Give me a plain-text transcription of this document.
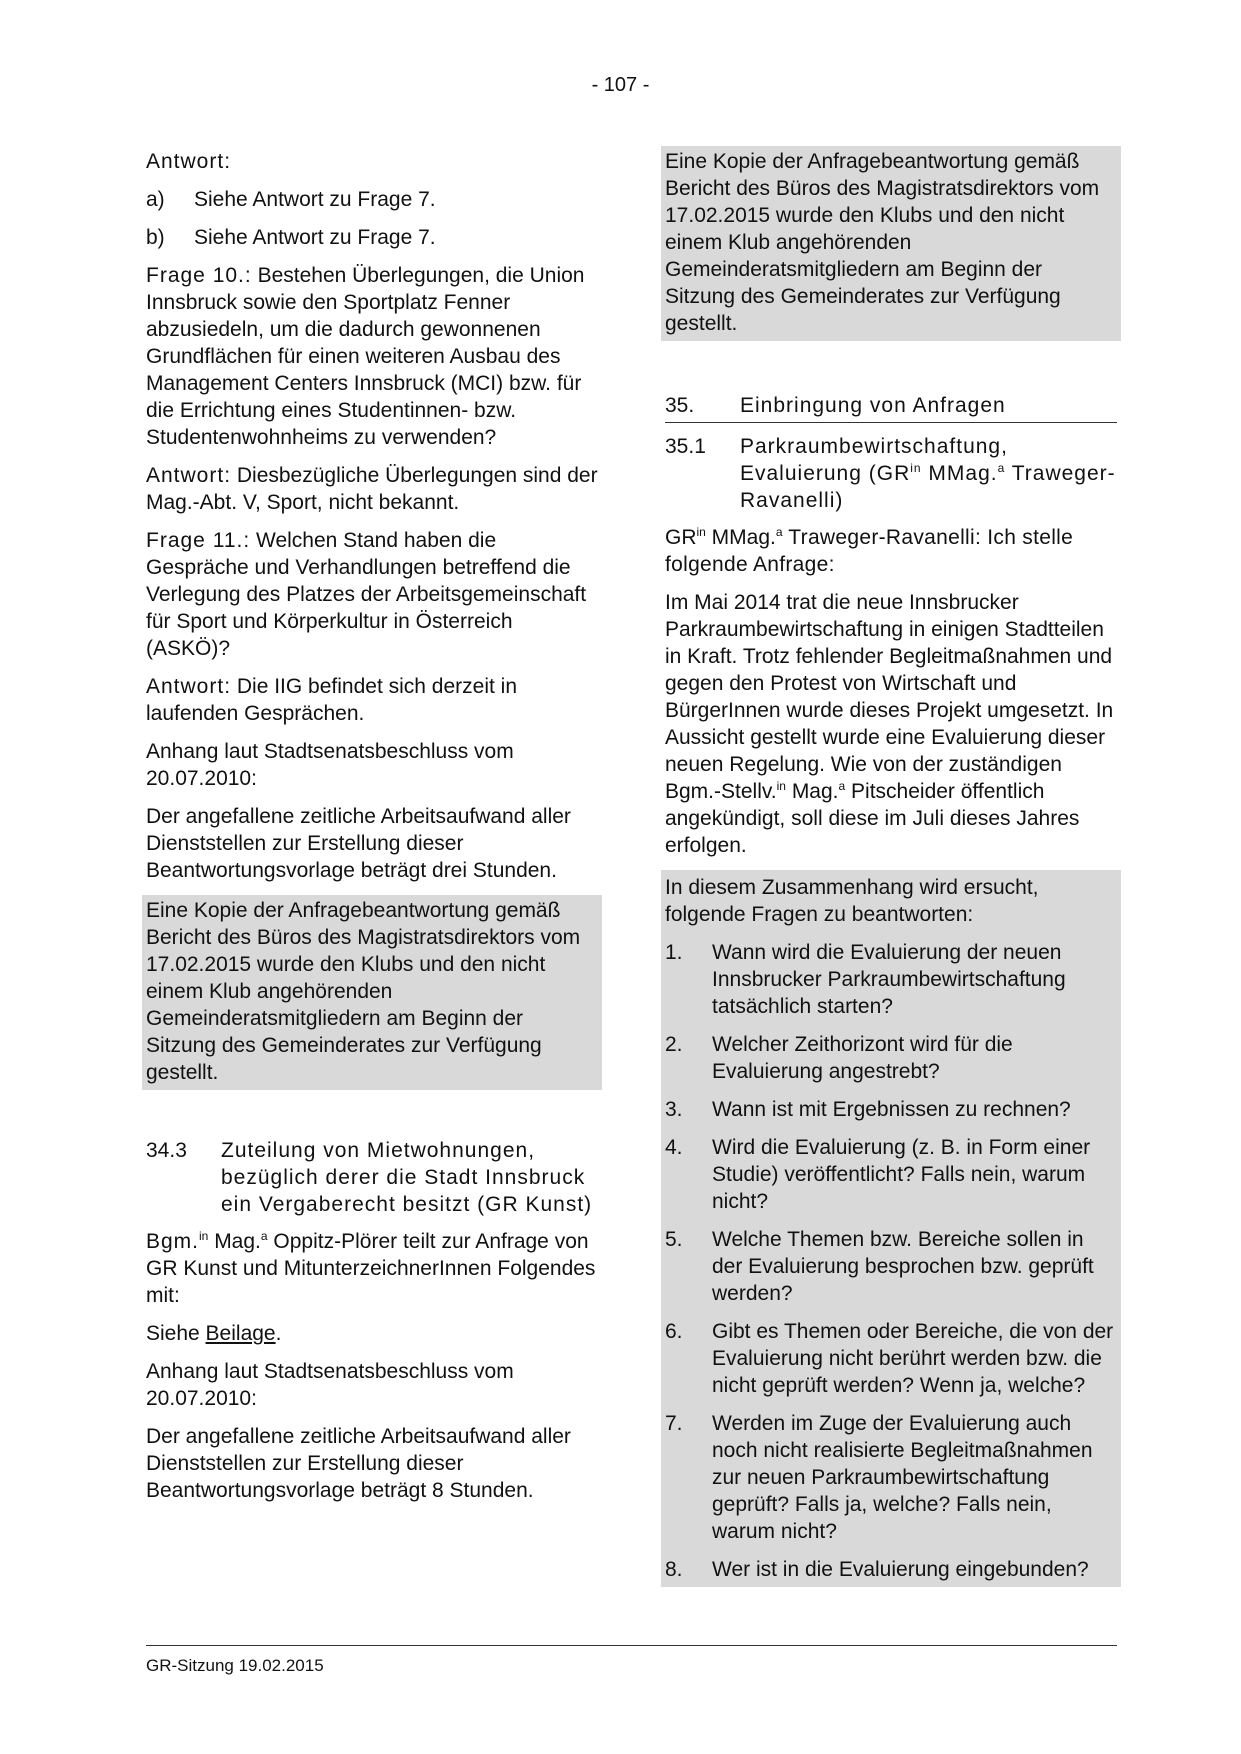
- 107 -

Antwort:

a)	Siehe Antwort zu Frage 7.
b)	Siehe Antwort zu Frage 7.

Frage 10.: Bestehen Überlegungen, die Union Innsbruck sowie den Sportplatz Fenner abzusiedeln, um die dadurch gewonnenen Grundflächen für einen weiteren Ausbau des Management Centers Innsbruck (MCI) bzw. für die Errichtung eines Studentinnen- bzw. Studentenwohnheims zu verwenden?

Antwort: Diesbezügliche Überlegungen sind der Mag.-Abt. V, Sport, nicht bekannt.

Frage 11.: Welchen Stand haben die Gespräche und Verhandlungen betreffend die Verlegung des Platzes der Arbeitsgemeinschaft für Sport und Körperkultur in Österreich (ASKÖ)?

Antwort: Die IIG befindet sich derzeit in laufenden Gesprächen.

Anhang laut Stadtsenatsbeschluss vom 20.07.2010:

Der angefallene zeitliche Arbeitsaufwand aller Dienststellen zur Erstellung dieser Beantwortungsvorlage beträgt drei Stunden.

Eine Kopie der Anfragebeantwortung gemäß Bericht des Büros des Magistratsdirektors vom 17.02.2015 wurde den Klubs und den nicht einem Klub angehörenden Gemeinderatsmitgliedern am Beginn der Sitzung des Gemeinderates zur Verfügung gestellt.

34.3	Zuteilung von Mietwohnungen, bezüglich derer die Stadt Innsbruck ein Vergaberecht besitzt (GR Kunst)

Bgm.$^{in}$ Mag.$^a$ Oppitz-Plörer teilt zur Anfrage von GR Kunst und MitunterzeichnerInnen Folgendes mit:

Siehe Beilage.

Anhang laut Stadtsenatsbeschluss vom 20.07.2010:

Der angefallene zeitliche Arbeitsaufwand aller Dienststellen zur Erstellung dieser Beantwortungsvorlage beträgt 8 Stunden.

Eine Kopie der Anfragebeantwortung gemäß Bericht des Büros des Magistratsdirektors vom 17.02.2015 wurde den Klubs und den nicht einem Klub angehörenden Gemeinderatsmitgliedern am Beginn der Sitzung des Gemeinderates zur Verfügung gestellt.

35.	Einbringung von Anfragen
35.1	Parkraumbewirtschaftung, Evaluierung ($GR^{in}$ MMag.$^a$ Traweger-Ravanelli)

$GR^{in}$ MMag.$^a$ Traweger-Ravanelli: Ich stelle folgende Anfrage:

Im Mai 2014 trat die neue Innsbrucker Parkraumbewirtschaftung in einigen Stadtteilen in Kraft. Trotz fehlender Begleitmaßnahmen und gegen den Protest von Wirtschaft und BürgerInnen wurde dieses Projekt umgesetzt. In Aussicht gestellt wurde eine Evaluierung dieser neuen Regelung. Wie von der zuständigen Bgm.-Stellv.$^{in}$ Mag.$^a$ Pitscheider öffentlich angekündigt, soll diese im Juli dieses Jahres erfolgen.

In diesem Zusammenhang wird ersucht, folgende Fragen zu beantworten:

1.	Wann wird die Evaluierung der neuen Innsbrucker Parkraumbewirtschaftung tatsächlich starten?
2.	Welcher Zeithorizont wird für die Evaluierung angestrebt?
3.	Wann ist mit Ergebnissen zu rechnen?
4.	Wird die Evaluierung (z. B. in Form einer Studie) veröffentlicht? Falls nein, warum nicht?
5.	Welche Themen bzw. Bereiche sollen in der Evaluierung besprochen bzw. geprüft werden?
6.	Gibt es Themen oder Bereiche, die von der Evaluierung nicht berührt werden bzw. die nicht geprüft werden? Wenn ja, welche?
7.	Werden im Zuge der Evaluierung auch noch nicht realisierte Begleitmaßnahmen zur neuen Parkraumbewirtschaftung geprüft? Falls ja, welche? Falls nein, warum nicht?
8.	Wer ist in die Evaluierung eingebunden?
GR-Sitzung 19.02.2015
